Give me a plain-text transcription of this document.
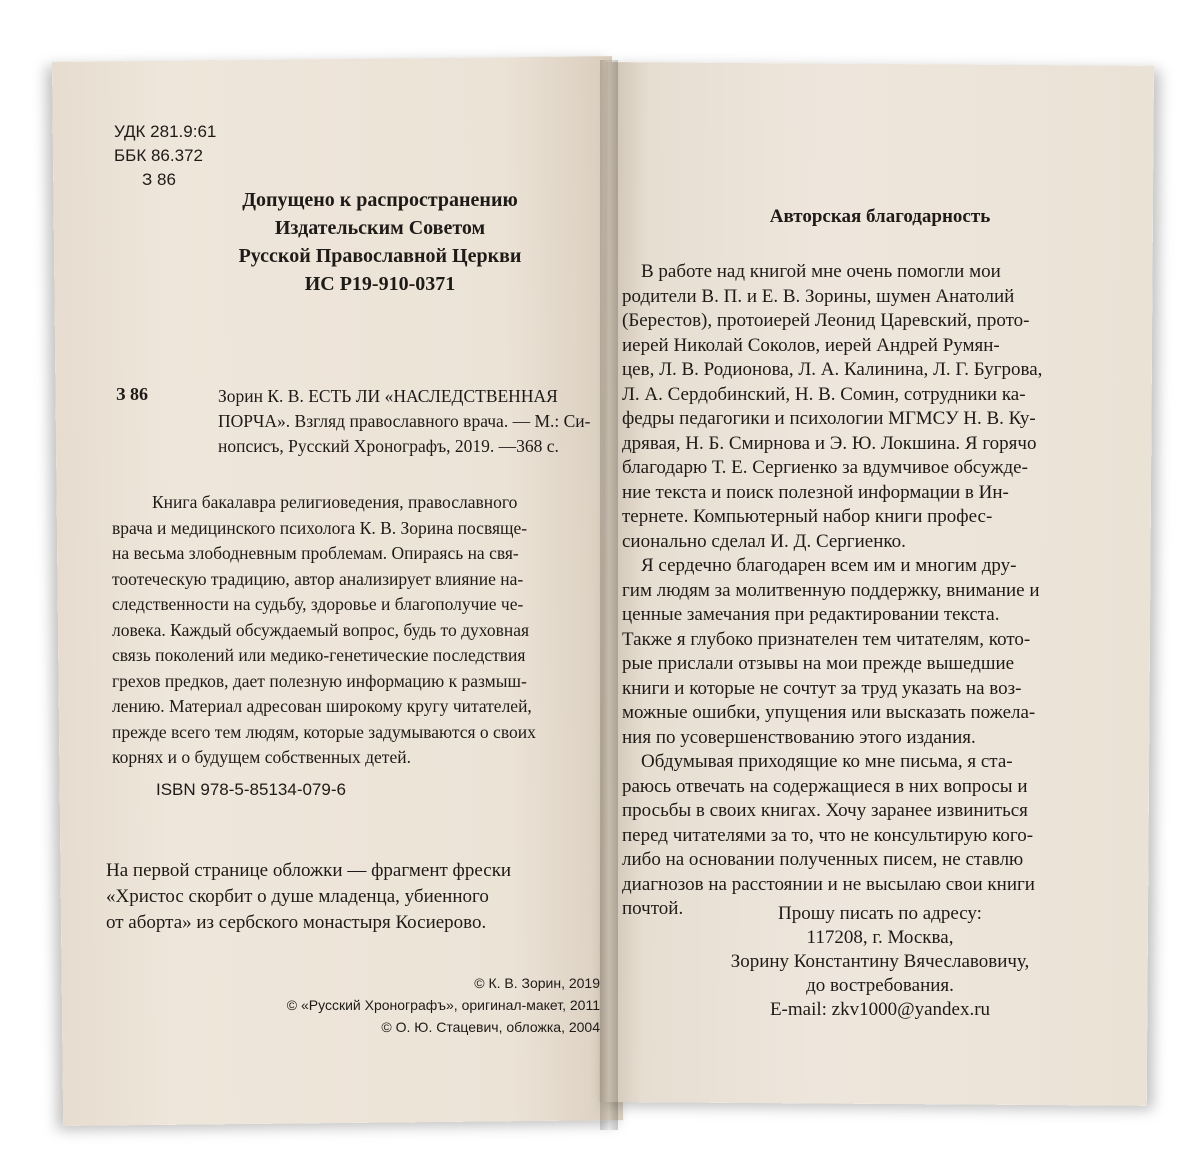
УДК 281.9:61
ББК 86.372
З 86
Допущено к распространению
Издательским Советом
Русской Православной Церкви
ИС Р19-910-0371
З 86	Зорин К. В. ЕСТЬ ЛИ «НАСЛЕДСТВЕННАЯ
ПОРЧА». Взгляд православного врача. — М.: Си-
нопсисъ, Русский Хронографъ, 2019. —368 с.
Книга бакалавра религиоведения, православного
врача и медицинского психолога К. В. Зорина посвяще-
на весьма злободневным проблемам. Опираясь на свя-
тоотеческую традицию, автор анализирует влияние на-
следственности на судьбу, здоровье и благополучие че-
ловека. Каждый обсуждаемый вопрос, будь то духовная
связь поколений или медико-генетические последствия
грехов предков, дает полезную информацию к размыш-
лению. Материал адресован широкому кругу читателей,
прежде всего тем людям, которые задумываются о своих
корнях и о будущем собственных детей.
ISBN 978-5-85134-079-6
На первой странице обложки — фрагмент фрески
«Христос скорбит о душе младенца, убиенного
от аборта» из сербского монастыря Косиерово.
© К. В. Зорин, 2019
© «Русский Хронографъ», оригинал-макет, 2011
© О. Ю. Стацевич, обложка, 2004
Авторская благодарность
В работе над книгой мне очень помогли мои
родители В. П. и Е. В. Зорины, шумен Анатолий
(Берестов), протоиерей Леонид Царевский, прото-
иерей Николай Соколов, иерей Андрей Румян-
цев, Л. В. Родионова, Л. А. Калинина, Л. Г. Бугрова,
Л. А. Сердобинский, Н. В. Сомин, сотрудники ка-
федры педагогики и психологии МГМСУ Н. В. Ку-
дрявая, Н. Б. Смирнова и Э. Ю. Локшина. Я горячо
благодарю Т. Е. Сергиенко за вдумчивое обсужде-
ние текста и поиск полезной информации в Ин-
тернете. Компьютерный набор книги профес-
сионально сделал И. Д. Сергиенко.
Я сердечно благодарен всем им и многим дру-
гим людям за молитвенную поддержку, внимание и
ценные замечания при редактировании текста.
Также я глубоко признателен тем читателям, кото-
рые прислали отзывы на мои прежде вышедшие
книги и которые не сочтут за труд указать на воз-
можные ошибки, упущения или высказать пожела-
ния по усовершенствованию этого издания.
Обдумывая приходящие ко мне письма, я ста-
раюсь отвечать на содержащиеся в них вопросы и
просьбы в своих книгах. Хочу заранее извиниться
перед читателями за то, что не консультирую кого-
либо на основании полученных писем, не ставлю
диагнозов на расстоянии и не высылаю свои книги
почтой.	Прошу писать по адресу:
117208, г. Москва,
Зорину Константину Вячеславовичу,
до востребования.
E-mail: zkv1000@yandex.ru
